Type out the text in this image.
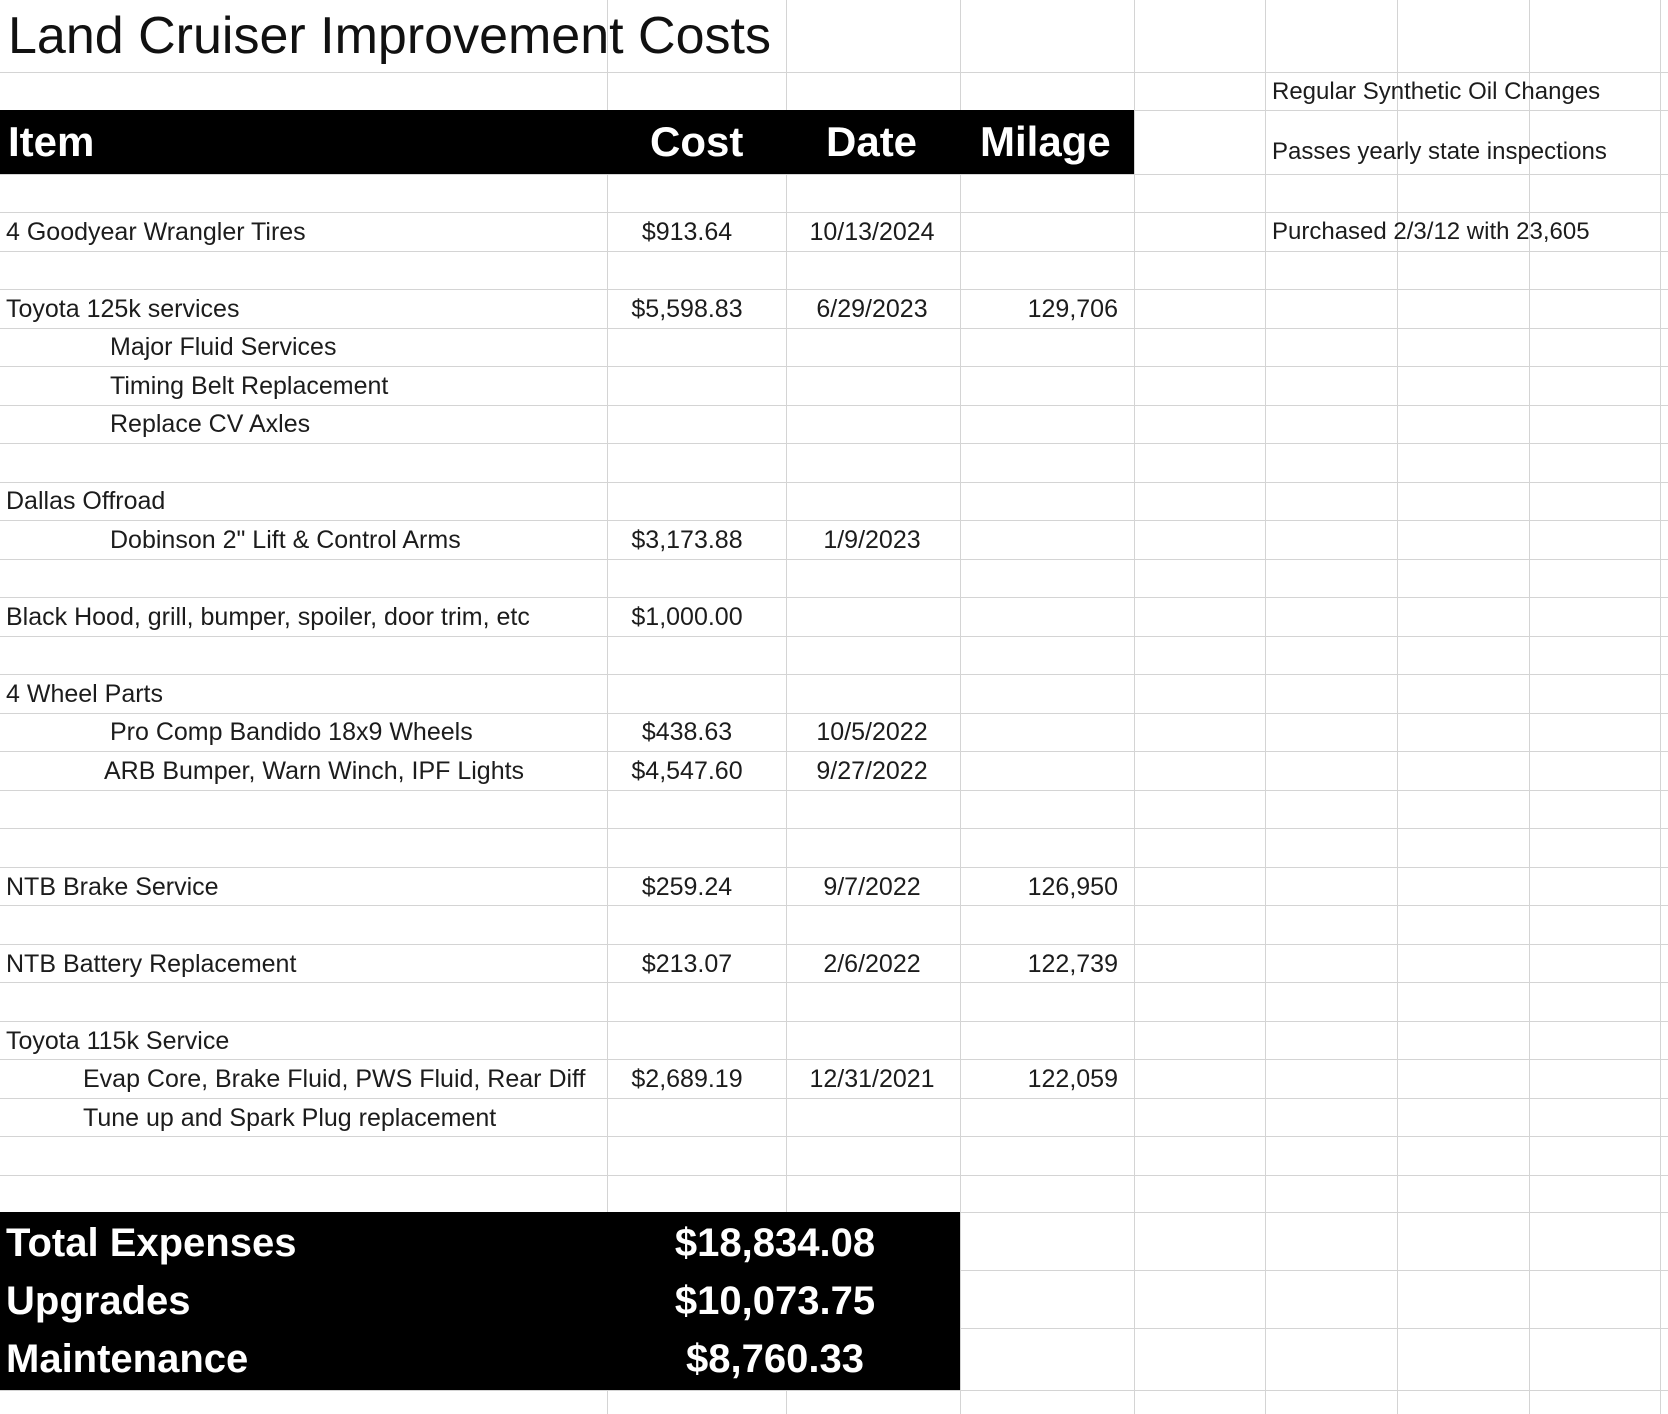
Land Cruiser Improvement Costs
Item	Cost Date Milage
4 Goodyear Wrangler Tires	$913.64	10/13/2024
Toyota 125k services	$5,598.83	6/29/2023	129,706
Major Fluid Services
Timing Belt Replacement
Replace CV Axles
Dallas Offroad
Dobinson 2" Lift & Control Arms	$3,173.88	1/9/2023
Black Hood, grill, bumper, spoiler, door trim, etc	$1,000.00
4 Wheel Parts
Pro Comp Bandido 18x9 Wheels	$438.63	10/5/2022
ARB Bumper, Warn Winch, IPF Lights	$4,547.60	9/27/2022
NTB Brake Service	$259.24	9/7/2022	126,950
NTB Battery Replacement	$213.07	2/6/2022	122,739
Toyota 115k Service
Evap Core, Brake Fluid, PWS Fluid, Rear Diff	$2,689.19	12/31/2021	122,059
Tune up and Spark Plug replacement
Regular Synthetic Oil Changes
Passes yearly state inspections
Purchased 2/3/12 with 23,605
Total Expenses	$18,834.08
Upgrades	$10,073.75
Maintenance	$8,760.33
